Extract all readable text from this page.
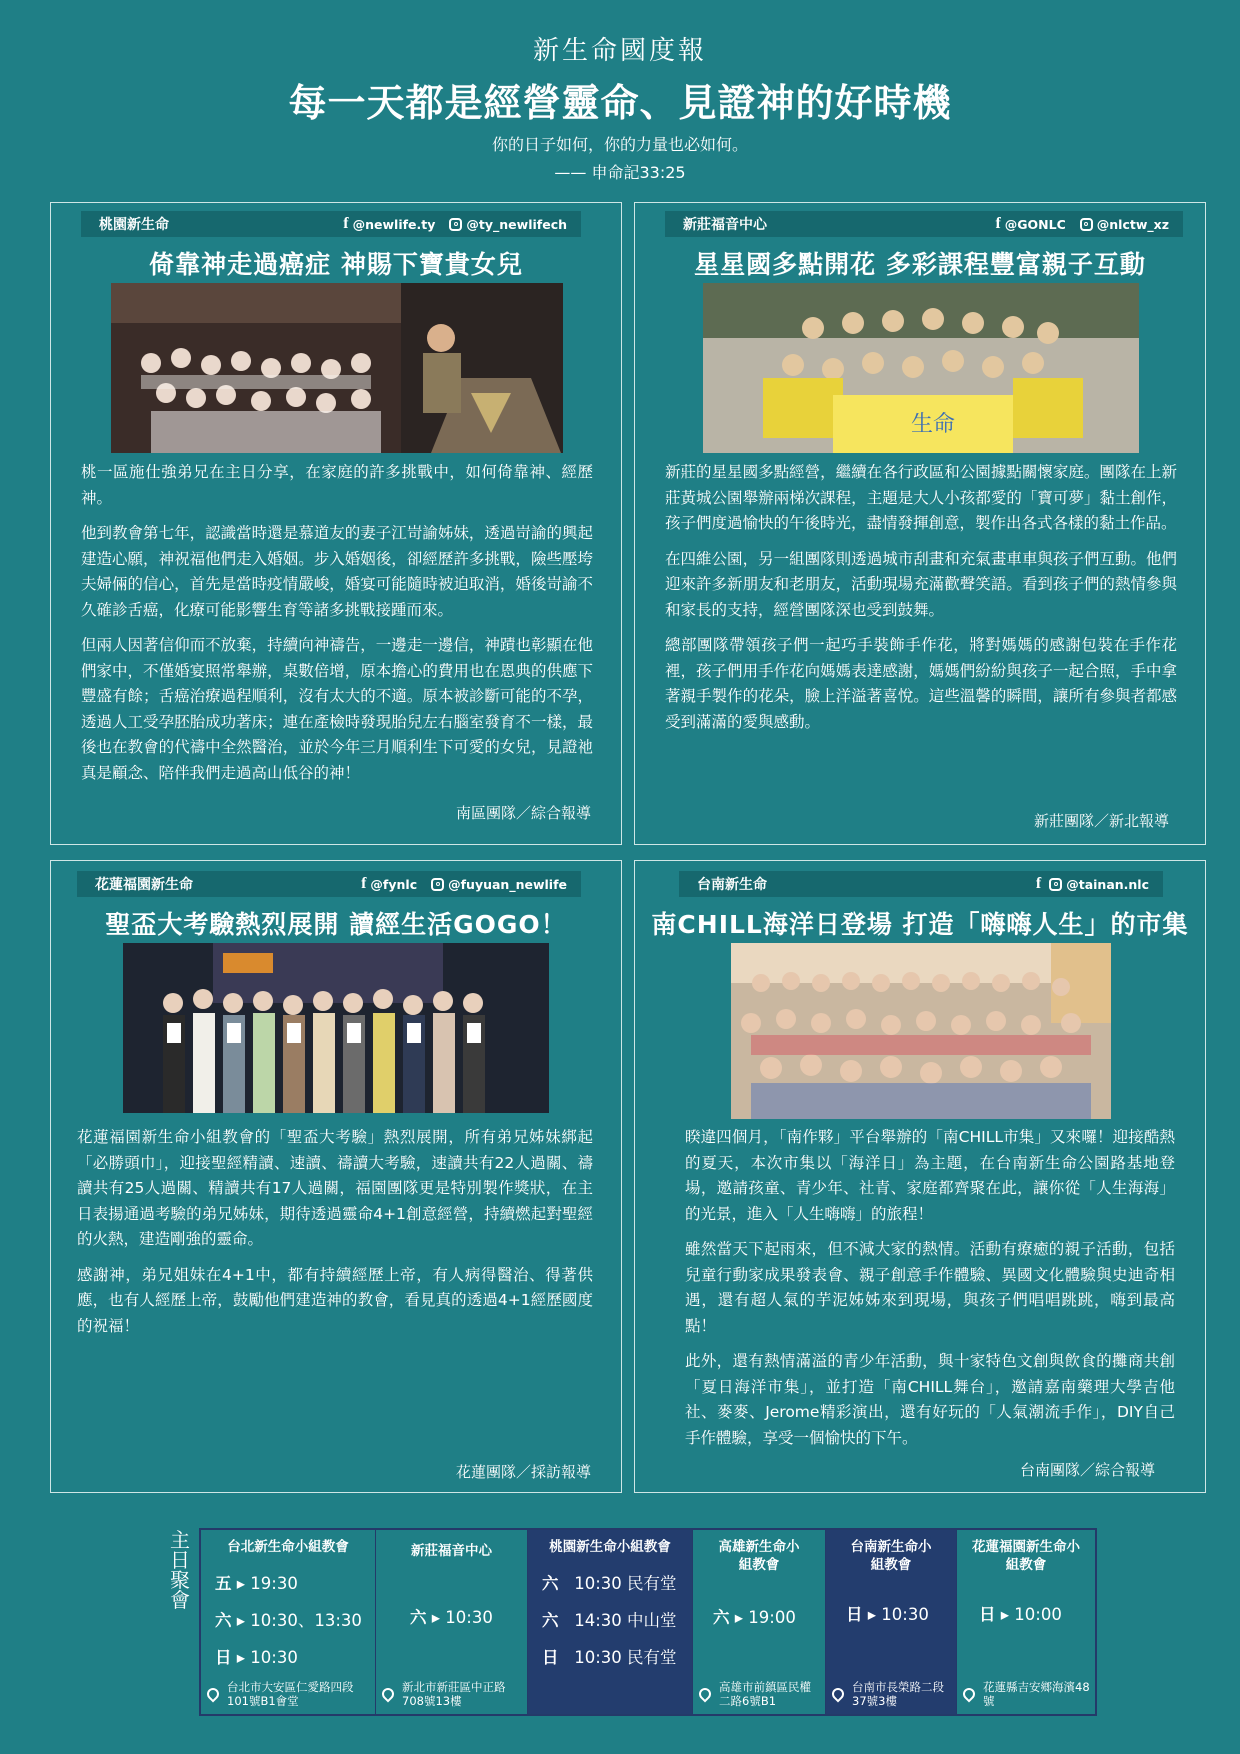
新生命國度報
每一天都是經營靈命、見證神的好時機
你的日子如何，你的力量也必如何。
—— 申命記33:25
桃園新生命	f @newlife.ty @ty_newlifech
倚靠神走過癌症 神賜下寶貴女兒

桃一區施仕強弟兄在主日分享，在家庭的許多挑戰中，如何倚靠神、經歷神。

他到教會第七年，認識當時還是慕道友的妻子江岢諭姊妹，透過岢諭的興起建造心願，神祝福他們走入婚姻。步入婚姻後，卻經歷許多挑戰，險些壓垮夫婦倆的信心，首先是當時疫情嚴峻，婚宴可能隨時被迫取消，婚後岢諭不久確診舌癌，化療可能影響生育等諸多挑戰接踵而來。

但兩人因著信仰而不放棄，持續向神禱告，一邊走一邊信，神蹟也彰顯在他們家中，不僅婚宴照常舉辦，桌數倍增，原本擔心的費用也在恩典的供應下豐盛有餘；舌癌治療過程順利，沒有太大的不適。原本被診斷可能的不孕，透過人工受孕胚胎成功著床；連在產檢時發現胎兒左右腦室發育不一樣，最後也在教會的代禱中全然醫治，並於今年三月順利生下可愛的女兒，見證祂真是顧念、陪伴我們走過高山低谷的神！

南區團隊／綜合報導
新莊福音中心	f @GONLC @nlctw_xz
星星國多點開花 多彩課程豐富親子互動
生命

新莊的星星國多點經營，繼續在各行政區和公園據點關懷家庭。團隊在上新莊黃城公園舉辦兩梯次課程，主題是大人小孩都愛的「寶可夢」黏土創作，孩子們度過愉快的午後時光，盡情發揮創意，製作出各式各樣的黏土作品。

在四維公園，另一組團隊則透過城市刮畫和充氣畫車車與孩子們互動。他們迎來許多新朋友和老朋友，活動現場充滿歡聲笑語。看到孩子們的熱情參與和家長的支持，經營團隊深也受到鼓舞。

總部團隊帶領孩子們一起巧手裝飾手作花，將對媽媽的感謝包裝在手作花裡，孩子們用手作花向媽媽表達感謝，媽媽們紛紛與孩子一起合照，手中拿著親手製作的花朵，臉上洋溢著喜悅。這些溫馨的瞬間，讓所有參與者都感受到滿滿的愛與感動。

新莊團隊／新北報導
花蓮福園新生命	f @fynlc @fuyuan_newlife
聖盃大考驗熱烈展開 讀經生活GOGO！

花蓮福園新生命小組教會的「聖盃大考驗」熱烈展開，所有弟兄姊妹綁起「必勝頭巾」，迎接聖經精讀、速讀、禱讀大考驗，速讀共有22人過關、禱讀共有25人過關、精讀共有17人過關，福園團隊更是特別製作獎狀，在主日表揚通過考驗的弟兄姊妹，期待透過靈命4+1創意經營，持續燃起對聖經的火熱，建造剛強的靈命。

感謝神，弟兄姐妹在4+1中，都有持續經歷上帝，有人病得醫治、得著供應，也有人經歷上帝，鼓勵他們建造神的教會，看見真的透過4+1經歷國度的祝福！

花蓮團隊／採訪報導
台南新生命	f @tainan.nlc
南CHILL海洋日登場 打造「嗨嗨人生」的市集

睽違四個月，「南作夥」平台舉辦的「南CHILL市集」又來囉！迎接酷熱的夏天，本次市集以「海洋日」為主題，在台南新生命公園路基地登場，邀請孩童、青少年、社青、家庭都齊聚在此，讓你從「人生海海」的光景，進入「人生嗨嗨」的旅程！

雖然當天下起雨來，但不減大家的熱情。活動有療癒的親子活動，包括兒童行動家成果發表會、親子創意手作體驗、異國文化體驗與史迪奇相遇，還有超人氣的芋泥姊姊來到現場，與孩子們唱唱跳跳，嗨到最高點！

此外，還有熱情滿溢的青少年活動，與十家特色文創與飲食的攤商共創「夏日海洋市集」，並打造「南CHILL舞台」，邀請嘉南藥理大學吉他社、麥麥、Jerome精彩演出，還有好玩的「人氣潮流手作」，DIY自己手作體驗，享受一個愉快的下午。

台南團隊／綜合報導
主日聚會
台北新生命小組教會
五 ▸ 19:30
六 ▸ 10:30、13:30
日 ▸ 10:30
台北市大安區仁愛路四段101號B1會堂
新莊福音中心
六 ▸ 10:30
新北市新莊區中正路708號13樓
桃園新生命小組教會
六 10:30 民有堂
六 14:30 中山堂
日 10:30 民有堂
高雄新生命小組教會
六 ▸ 19:00
高雄市前鎮區民權二路6號B1
台南新生命小組教會
日 ▸ 10:30
台南市長榮路二段37號3樓
花蓮福園新生命小組教會
日 ▸ 10:00
花蓮縣吉安鄉海濱48號
